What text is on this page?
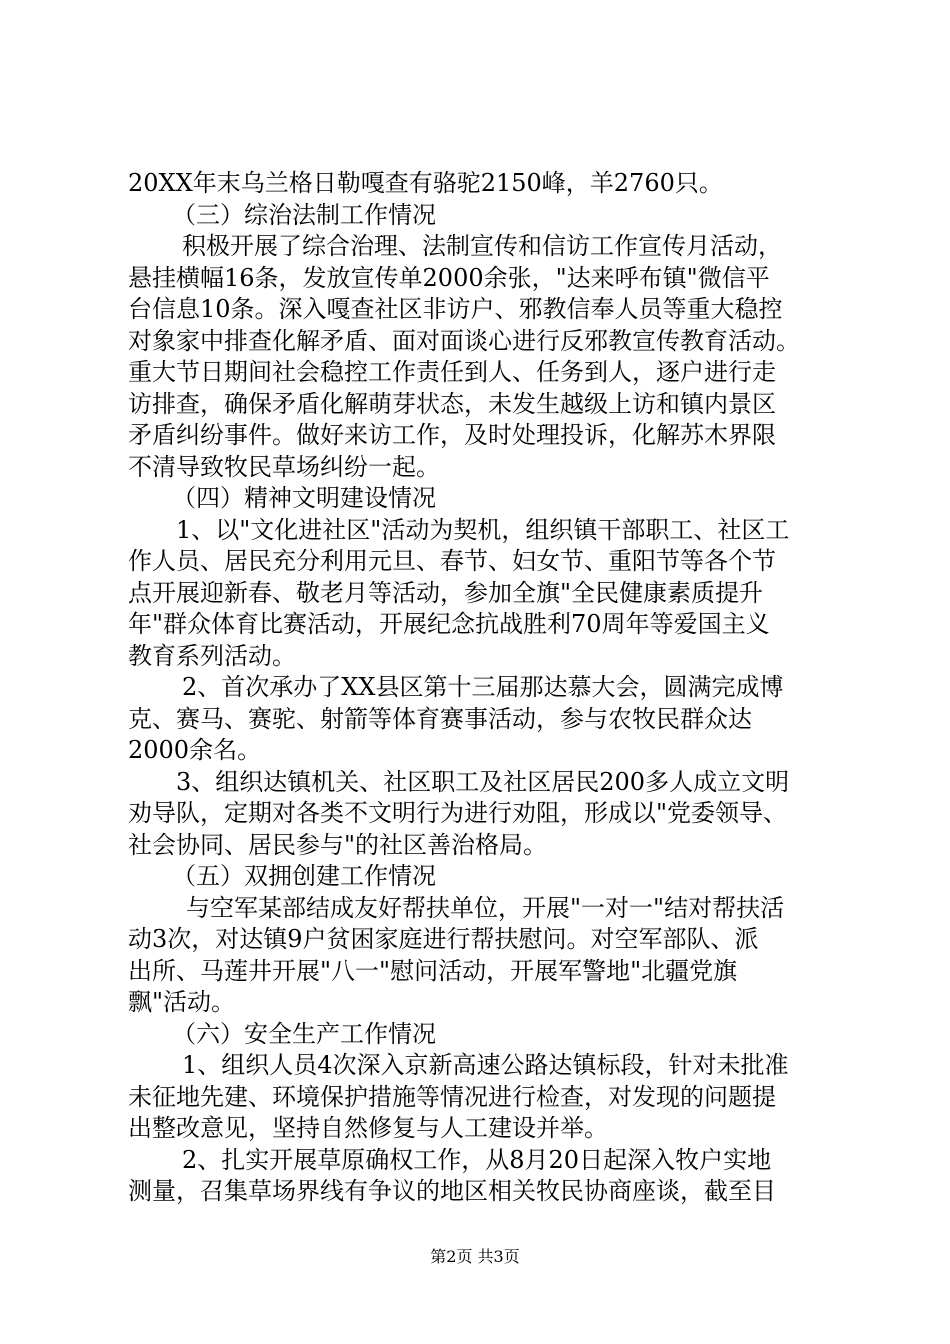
20XX年末乌兰格日勒嘎查有骆驼2150峰，羊2760只。

（三）综治法制工作情况

积极开展了综合治理、法制宣传和信访工作宣传月活动，

悬挂横幅16条，发放宣传单2000余张，"达来呼布镇"微信平

台信息10条。深入嘎查社区非访户、邪教信奉人员等重大稳控

对象家中排查化解矛盾、面对面谈心进行反邪教宣传教育活动。

重大节日期间社会稳控工作责任到人、任务到人，逐户进行走

访排查，确保矛盾化解萌芽状态，未发生越级上访和镇内景区

矛盾纠纷事件。做好来访工作，及时处理投诉，化解苏木界限

不清导致牧民草场纠纷一起。

（四）精神文明建设情况

1、以"文化进社区"活动为契机，组织镇干部职工、社区工

作人员、居民充分利用元旦、春节、妇女节、重阳节等各个节

点开展迎新春、敬老月等活动，参加全旗"全民健康素质提升

年"群众体育比赛活动，开展纪念抗战胜利70周年等爱国主义

教育系列活动。

2、首次承办了XX县区第十三届那达慕大会，圆满完成博

克、赛马、赛驼、射箭等体育赛事活动，参与农牧民群众达

2000余名。

3、组织达镇机关、社区职工及社区居民200多人成立文明

劝导队，定期对各类不文明行为进行劝阻，形成以"党委领导、

社会协同、居民参与"的社区善治格局。

（五）双拥创建工作情况

与空军某部结成友好帮扶单位，开展"一对一"结对帮扶活

动3次，对达镇9户贫困家庭进行帮扶慰问。对空军部队、派

出所、马莲井开展"八一"慰问活动，开展军警地"北疆党旗

飘"活动。

（六）安全生产工作情况

1、组织人员4次深入京新高速公路达镇标段，针对未批准

未征地先建、环境保护措施等情况进行检查，对发现的问题提

出整改意见，坚持自然修复与人工建设并举。

2、扎实开展草原确权工作，从8月20日起深入牧户实地

测量，召集草场界线有争议的地区相关牧民协商座谈，截至目

第2页 共3页
